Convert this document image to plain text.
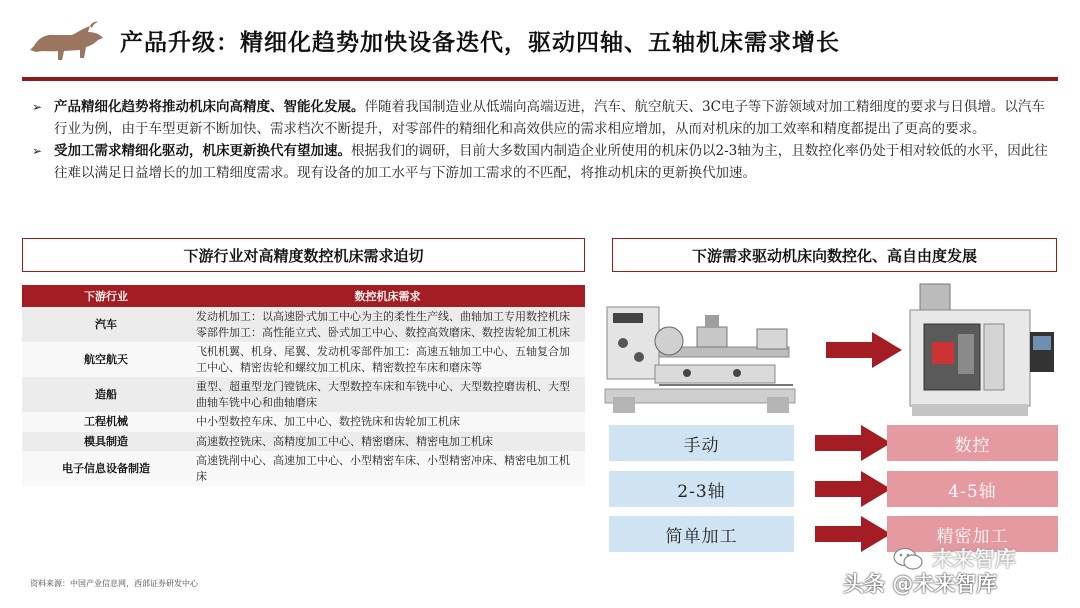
产品升级：精细化趋势加快设备迭代，驱动四轴、五轴机床需求增长
➢ 产品精细化趋势将推动机床向高精度、智能化发展。伴随着我国制造业从低端向高端迈进，汽车、航空航天、3C电子等下游领域对加工精细度的要求与日俱增。以汽车行业为例，由于车型更新不断加快、需求档次不断提升，对零部件的精细化和高效供应的需求相应增加，从而对机床的加工效率和精度都提出了更高的要求。
➢ 受加工需求精细化驱动，机床更新换代有望加速。根据我们的调研，目前大多数国内制造企业所使用的机床仍以2-3轴为主，且数控化率仍处于相对较低的水平，因此往往难以满足日益增长的加工精细度需求。现有设备的加工水平与下游加工需求的不匹配，将推动机床的更新换代加速。
下游行业对高精度数控机床需求迫切
下游行业	数控机床需求
汽车	发动机加工：以高速卧式加工中心为主的柔性生产线、曲轴加工专用数控机床
零部件加工：高性能立式、卧式加工中心、数控高效磨床、数控齿轮加工机床
航空航天	飞机机翼、机身、尾翼、发动机零部件加工：高速五轴加工中心、五轴复合加工中心、精密齿轮和螺纹加工机床、精密数控车床和磨床等
造船	重型、超重型龙门镗铣床、大型数控车床和车铣中心、大型数控磨齿机、大型曲轴车铣中心和曲轴磨床
工程机械	中小型数控车床、加工中心、数控铣床和齿轮加工机床
模具制造	高速数控铣床、高精度加工中心、精密磨床、精密电加工机床
电子信息设备制造	高速铣削中心、高速加工中心、小型精密车床、小型精密冲床、精密电加工机床
资料来源：中国产业信息网，西部证券研发中心
下游需求驱动机床向数控化、高自由度发展
手动
2-3轴
简单加工
数控
4-5轴
精密加工
未来智库
头条 @未来智库
